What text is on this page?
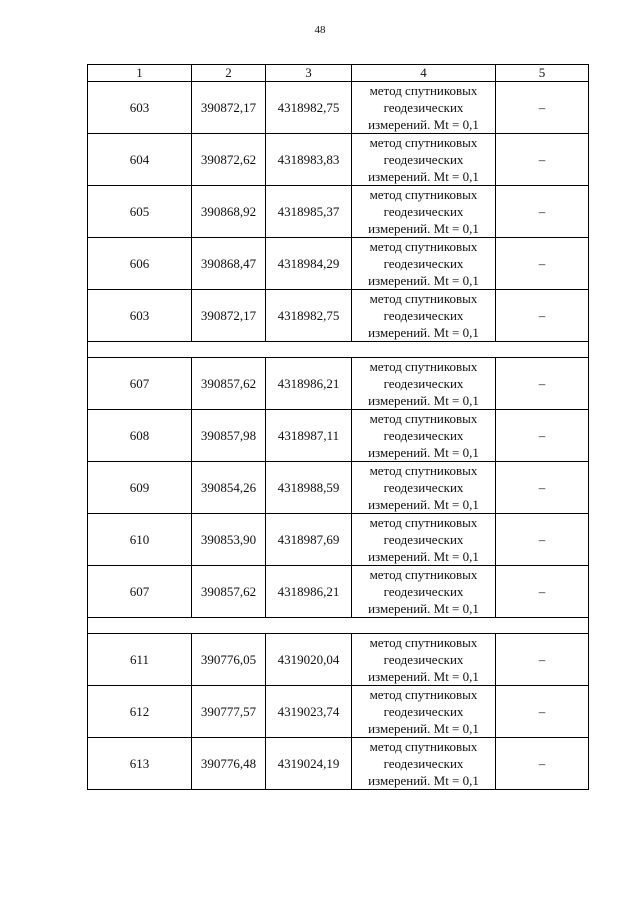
48
1	2	3	4	5
603	390872,17	4318982,75	метод спутниковых
геодезических
измерений. Mt = 0,1	–
604	390872,62	4318983,83	метод спутниковых
геодезических
измерений. Mt = 0,1	–
605	390868,92	4318985,37	метод спутниковых
геодезических
измерений. Mt = 0,1	–
606	390868,47	4318984,29	метод спутниковых
геодезических
измерений. Mt = 0,1	–
603	390872,17	4318982,75	метод спутниковых
геодезических
измерений. Mt = 0,1	–

607	390857,62	4318986,21	метод спутниковых
геодезических
измерений. Mt = 0,1	–
608	390857,98	4318987,11	метод спутниковых
геодезических
измерений. Mt = 0,1	–
609	390854,26	4318988,59	метод спутниковых
геодезических
измерений. Mt = 0,1	–
610	390853,90	4318987,69	метод спутниковых
геодезических
измерений. Mt = 0,1	–
607	390857,62	4318986,21	метод спутниковых
геодезических
измерений. Mt = 0,1	–

611	390776,05	4319020,04	метод спутниковых
геодезических
измерений. Mt = 0,1	–
612	390777,57	4319023,74	метод спутниковых
геодезических
измерений. Mt = 0,1	–
613	390776,48	4319024,19	метод спутниковых
геодезических
измерений. Mt = 0,1	–
